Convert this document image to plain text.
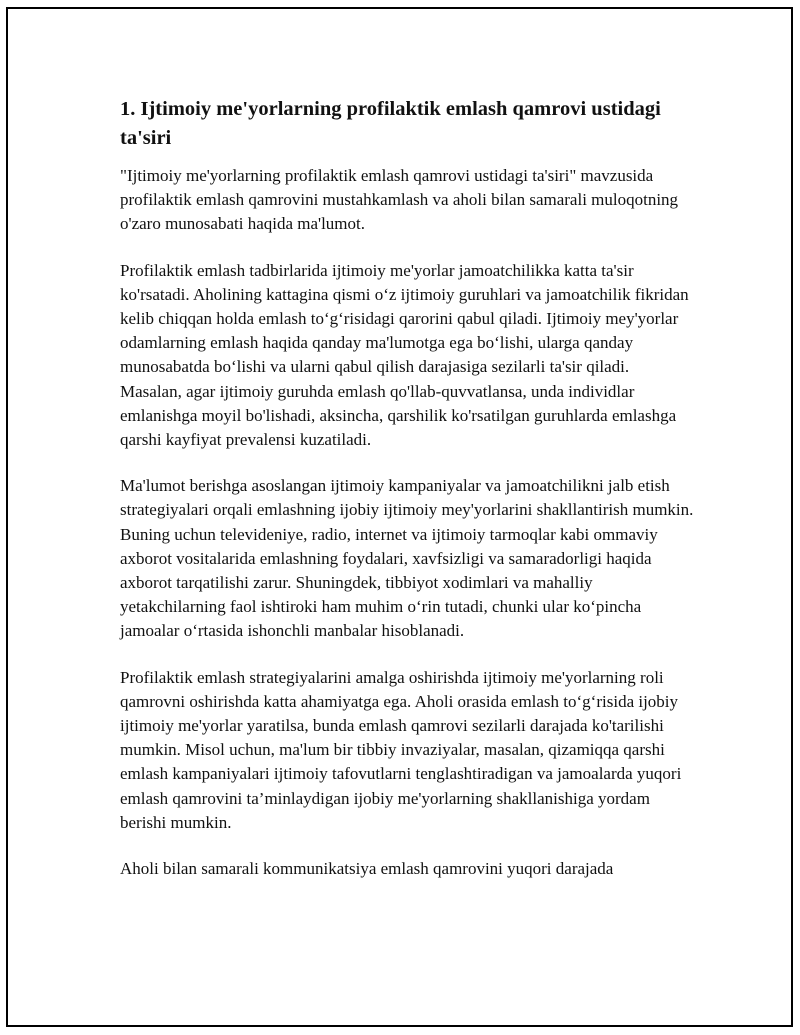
1. Ijtimoiy me'yorlarning profilaktik emlash qamrovi ustidagi ta'siri

"Ijtimoiy me'yorlarning profilaktik emlash qamrovi ustidagi ta'siri" mavzusida profilaktik emlash qamrovini mustahkamlash va aholi bilan samarali muloqotning o'zaro munosabati haqida ma'lumot.

Profilaktik emlash tadbirlarida ijtimoiy me'yorlar jamoatchilikka katta ta'sir ko'rsatadi. Aholining kattagina qismi o‘z ijtimoiy guruhlari va jamoatchilik fikridan kelib chiqqan holda emlash to‘g‘risidagi qarorini qabul qiladi. Ijtimoiy mey'yorlar odamlarning emlash haqida qanday ma'lumotga ega bo‘lishi, ularga qanday munosabatda bo‘lishi va ularni qabul qilish darajasiga sezilarli ta'sir qiladi. Masalan, agar ijtimoiy guruhda emlash qo'llab-quvvatlansa, unda individlar emlanishga moyil bo'lishadi, aksincha, qarshilik ko'rsatilgan guruhlarda emlashga qarshi kayfiyat prevalensi kuzatiladi.

Ma'lumot berishga asoslangan ijtimoiy kampaniyalar va jamoatchilikni jalb etish strategiyalari orqali emlashning ijobiy ijtimoiy mey'yorlarini shakllantirish mumkin. Buning uchun televideniye, radio, internet va ijtimoiy tarmoqlar kabi ommaviy axborot vositalarida emlashning foydalari, xavfsizligi va samaradorligi haqida axborot tarqatilishi zarur. Shuningdek, tibbiyot xodimlari va mahalliy yetakchilarning faol ishtiroki ham muhim o‘rin tutadi, chunki ular ko‘pincha jamoalar o‘rtasida ishonchli manbalar hisoblanadi.

Profilaktik emlash strategiyalarini amalga oshirishda ijtimoiy me'yorlarning roli qamrovni oshirishda katta ahamiyatga ega. Aholi orasida emlash to‘g‘risida ijobiy ijtimoiy me'yorlar yaratilsa, bunda emlash qamrovi sezilarli darajada ko'tarilishi mumkin. Misol uchun, ma'lum bir tibbiy invaziyalar, masalan, qizamiqqa qarshi emlash kampaniyalari ijtimoiy tafovutlarni tenglashtiradigan va jamoalarda yuqori emlash qamrovini ta’minlaydigan ijobiy me'yorlarning shakllanishiga yordam berishi mumkin.

Aholi bilan samarali kommunikatsiya emlash qamrovini yuqori darajada
